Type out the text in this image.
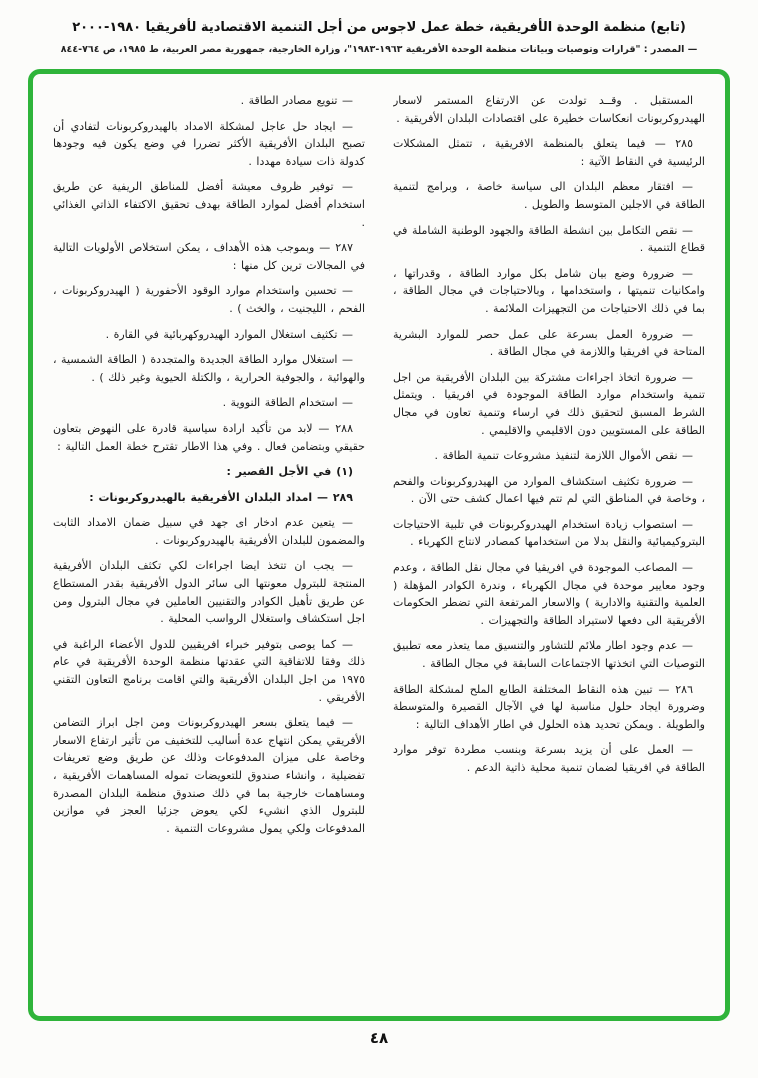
(تابع) منظمة الوحدة الأفريقية، خطة عمل لاجوس من أجل التنمية الاقتصادية لأفريقيا ١٩٨٠-٢٠٠٠
— المصدر : "قرارات وتوصيات وبيانات منظمة الوحدة الأفريقية ١٩٦٣-١٩٨٣"، وزارة الخارجية، جمهورية مصر العربية، ط ١٩٨٥، ص ٧٦٤-٨٤٤

المستقبل . وقــد تولدت عن الارتفاع المستمر لاسعار الهيدروكربونات انعكاسات خطيرة على اقتصادات البلدان الأفريقية .

٢٨٥ — فيما يتعلق بالمنظمة الافريقية ، تتمثل المشكلات الرئيسية في النقاط الآتية :

— افتقار معظم البلدان الى سياسة خاصة ، وبرامج لتنمية الطاقة في الاجلين المتوسط والطويل .

— نقص التكامل بين انشطة الطاقة والجهود الوطنية الشاملة في قطاع التنمية .

— ضرورة وضع بيان شامل بكل موارد الطاقة ، وقدراتها ، وامكانيات تنميتها ، واستخدامها ، وبالاحتياجات في مجال الطاقة ، بما في ذلك الاحتياجات من التجهيزات الملائمة .

— ضرورة العمل بسرعة على عمل حصر للموارد البشرية المتاحة في افريقيا واللازمة في مجال الطاقة .

— ضرورة اتخاذ اجراءات مشتركة بين البلدان الأفريقية من اجل تنمية واستخدام موارد الطاقة الموجودة في افريقيا . ويتمثل الشرط المسبق لتحقيق ذلك في ارساء وتنمية تعاون في مجال الطاقة على المستويين دون الاقليمي والاقليمي .

— نقص الأموال اللازمة لتنفيذ مشروعات تنمية الطاقة .

— ضرورة تكثيف استكشاف الموارد من الهيدروكربونات والفحم ، وخاصة في المناطق التي لم تتم فيها اعمال كشف حتى الآن .

— استصواب زيادة استخدام الهيدروكربونات في تلبية الاحتياجات البتروكيميائية والنقل بدلا من استخدامها كمصادر لانتاج الكهرباء .

— المصاعب الموجودة في افريقيا في مجال نقل الطاقة ، وعدم وجود معايير موحدة في مجال الكهرباء ، وندرة الكوادر المؤهلة ( العلمية والتقنية والادارية ) والاسعار المرتفعة التي تضطر الحكومات الأفريقية الى دفعها لاستيراد الطاقة والتجهيزات .

— عدم وجود اطار ملائم للتشاور والتنسيق مما يتعذر معه تطبيق التوصيات التي اتخذتها الاجتماعات السابقة في مجال الطاقة .

٢٨٦ — تبين هذه النقاط المختلفة الطابع الملح لمشكلة الطاقة وضرورة ايجاد حلول مناسبة لها في الآجال القصيرة والمتوسطة والطويلة . ويمكن تحديد هذه الحلول في اطار الأهداف التالية :

— العمل على أن يزيد بسرعة وبنسب مطردة توفر موارد الطاقة في افريقيا لضمان تنمية محلية ذاتية الدعم .

— تنويع مصادر الطاقة .

— ايجاد حل عاجل لمشكلة الامداد بالهيدروكربونات لتفادي أن تصبح البلدان الأفريقية الأكثر تضررا في وضع يكون فيه وجودها كدولة ذات سيادة مهددا .

— توفير ظروف معيشة أفضل للمناطق الريفية عن طريق استخدام أفضل لموارد الطاقة بهدف تحقيق الاكتفاء الذاتي الغذائي .

٢٨٧ — وبموجب هذه الأهداف ، يمكن استخلاص الأولويات التالية في المجالات ترين كل منها :

— تحسين واستخدام موارد الوقود الأحفورية ( الهيدروكربونات ، الفحم ، الليجنيت ، والخث ) .

— تكثيف استغلال الموارد الهيدروكهربائية في القارة .

— استغلال موارد الطاقة الجديدة والمتجددة ( الطاقة الشمسية ، والهوائية ، والجوفية الحرارية ، والكتلة الحيوية وغير ذلك ) .

— استخدام الطاقة النووية .

٢٨٨ — لابد من تأكيد ارادة سياسية قادرة على النهوض بتعاون حقيقي وبتضامن فعال . وفي هذا الاطار تقترح خطة العمل التالية :

(١) في الأجل القصير :

٢٨٩ — امداد البلدان الأفريقية بالهيدروكربونات :

— يتعين عدم ادخار اى جهد في سبيل ضمان الامداد الثابت والمضمون للبلدان الأفريقية بالهيدروكربونات .

— يجب ان تتخذ ايضا اجراءات لكي تكثف البلدان الأفريقية المنتجة للبترول معونتها الى سائر الدول الأفريقية بقدر المستطاع عن طريق تأهيل الكوادر والتقنيين العاملين في مجال البترول ومن اجل استكشاف واستغلال الرواسب المحلية .

— كما يوصى بتوفير خبراء افريقيين للدول الأعضاء الراغبة في ذلك وفقا للاتفاقية التي عقدتها منظمة الوحدة الأفريقية في عام ١٩٧٥ من اجل البلدان الأفريقية والتي اقامت برنامج التعاون التقني الأفريقي .

— فيما يتعلق بسعر الهيدروكربونات ومن اجل ابراز التضامن الأفريقي يمكن انتهاج عدة أساليب للتخفيف من تأثير ارتفاع الاسعار وخاصة على ميزان المدفوعات وذلك عن طريق وضع تعريفات تفضيلية ، وانشاء صندوق للتعويضات تموله المساهمات الأفريقية ، ومساهمات خارجية بما في ذلك صندوق منظمة البلدان المصدرة للبترول الذي انشيء لكي يعوض جزئيا العجز في موازين المدفوعات ولكي يمول مشروعات التنمية .

٤٨
